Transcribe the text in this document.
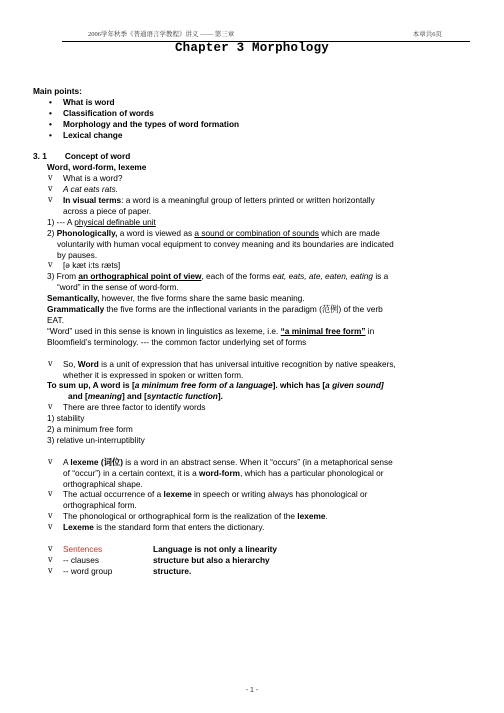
2006学年秋季《普通语言学教程》讲义 —— 第三章	本章共6页
Chapter 3 Morphology
Main points:
• What is word
• Classification of words
• Morphology and the types of word formation
• Lexical change
3. 1 Concept of word
Word, word-form, lexeme
v What is a word?
v A cat eats rats.
v In visual terms: a word is a meaningful group of letters printed or written horizontally
across a piece of paper.
1) --- A physical definable unit
2) Phonologically, a word is viewed as a sound or combination of sounds which are made
voluntarily with human vocal equipment to convey meaning and its boundaries are indicated
by pauses.
v [ə kæt i:ts ræts]
3) From an orthographical point of view, each of the forms eat, eats, ate, eaten, eating is a
“word” in the sense of word-form.
Semantically, however, the five forms share the same basic meaning.
Grammatically the five forms are the inflectional variants in the paradigm (范例) of the verb
EAT.
“Word” used in this sense is known in linguistics as lexeme, i.e. “a minimal free form” in
Bloomfield’s terminology. --- the common factor underlying set of forms
v So, Word is a unit of expression that has universal intuitive recognition by native speakers,
whether it is expressed in spoken or written form.
To sum up, A word is [a minimum free form of a language]. which has [a given sound]
and [meaning] and [syntactic function].
v There are three factor to identify words
1) stability
2) a minimum free form
3) relative un-interruptiblity
v A lexeme (词位) is a word in an abstract sense. When it “occurs” (in a metaphorical sense
of “occur”) in a certain context, it is a word-form, which has a particular phonological or
orthographical shape.
v The actual occurrence of a lexeme in speech or writing always has phonological or
orthographical form.
v The phonological or orthographical form is the realization of the lexeme.
v Lexeme is the standard form that enters the dictionary.
v Sentences	Language is not only a linearity
v -- clauses	structure but also a hierarchy
v -- word group	structure.
- 1 -
